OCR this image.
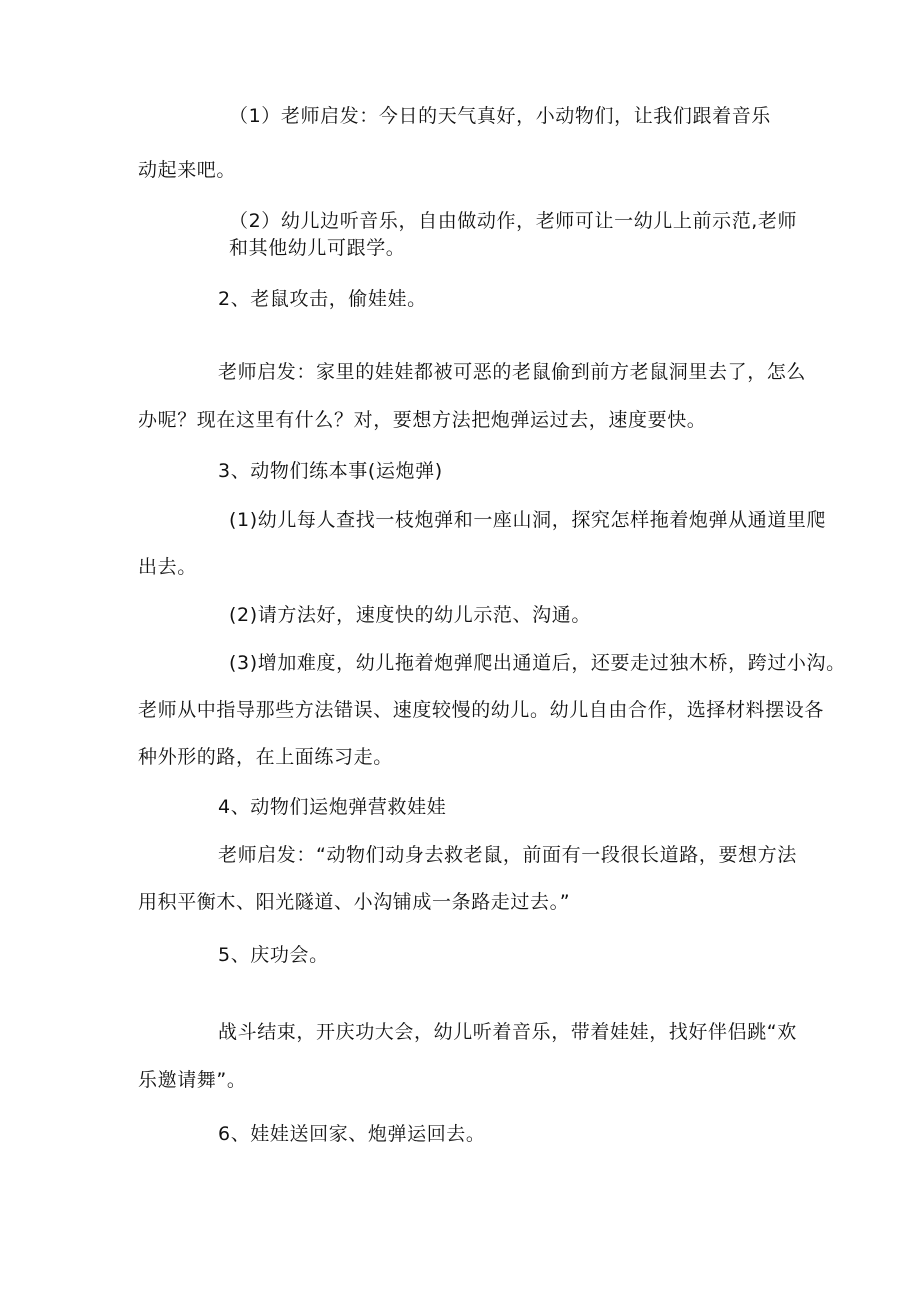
（1）老师启发：今日的天气真好，小动物们，让我们跟着音乐
动起来吧。
（2）幼儿边听音乐，自由做动作，老师可让一幼儿上前示范,老师
和其他幼儿可跟学。
2、老鼠攻击，偷娃娃。
老师启发：家里的娃娃都被可恶的老鼠偷到前方老鼠洞里去了，怎么
办呢？现在这里有什么？对，要想方法把炮弹运过去，速度要快。
3、动物们练本事(运炮弹)
(1)幼儿每人查找一枝炮弹和一座山洞，探究怎样拖着炮弹从通道里爬
出去。
(2)请方法好，速度快的幼儿示范、沟通。
(3)增加难度，幼儿拖着炮弹爬出通道后，还要走过独木桥，跨过小沟。
老师从中指导那些方法错误、速度较慢的幼儿。幼儿自由合作，选择材料摆设各
种外形的路，在上面练习走。
4、动物们运炮弹营救娃娃
老师启发：“动物们动身去救老鼠，前面有一段很长道路，要想方法
用积平衡木、阳光隧道、小沟铺成一条路走过去。”
5、庆功会。
战斗结束，开庆功大会，幼儿听着音乐，带着娃娃，找好伴侣跳“欢
乐邀请舞”。
6、娃娃送回家、炮弹运回去。
